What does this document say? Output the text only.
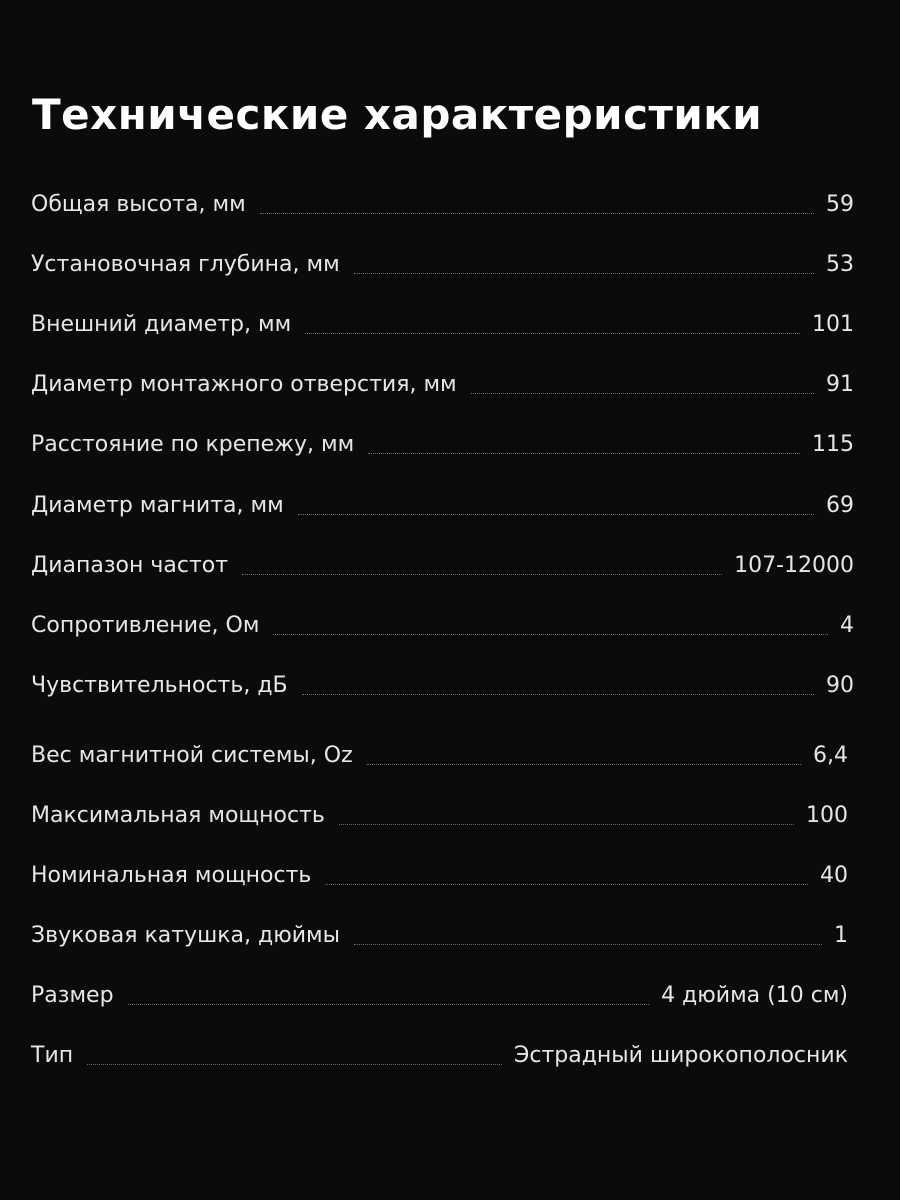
Технические характеристики
Общая высота, мм	59
Установочная глубина, мм	53
Внешний диаметр, мм	101
Диаметр монтажного отверстия, мм	91
Расстояние по крепежу, мм	115
Диаметр магнита, мм	69
Диапазон частот	107-12000
Сопротивление, Ом	4
Чувствительность, дБ	90
Вес магнитной системы, Oz	6,4
Максимальная мощность	100
Номинальная мощность	40
Звуковая катушка, дюймы	1
Размер	4 дюйма (10 см)
Тип	Эстрадный широкополосник
